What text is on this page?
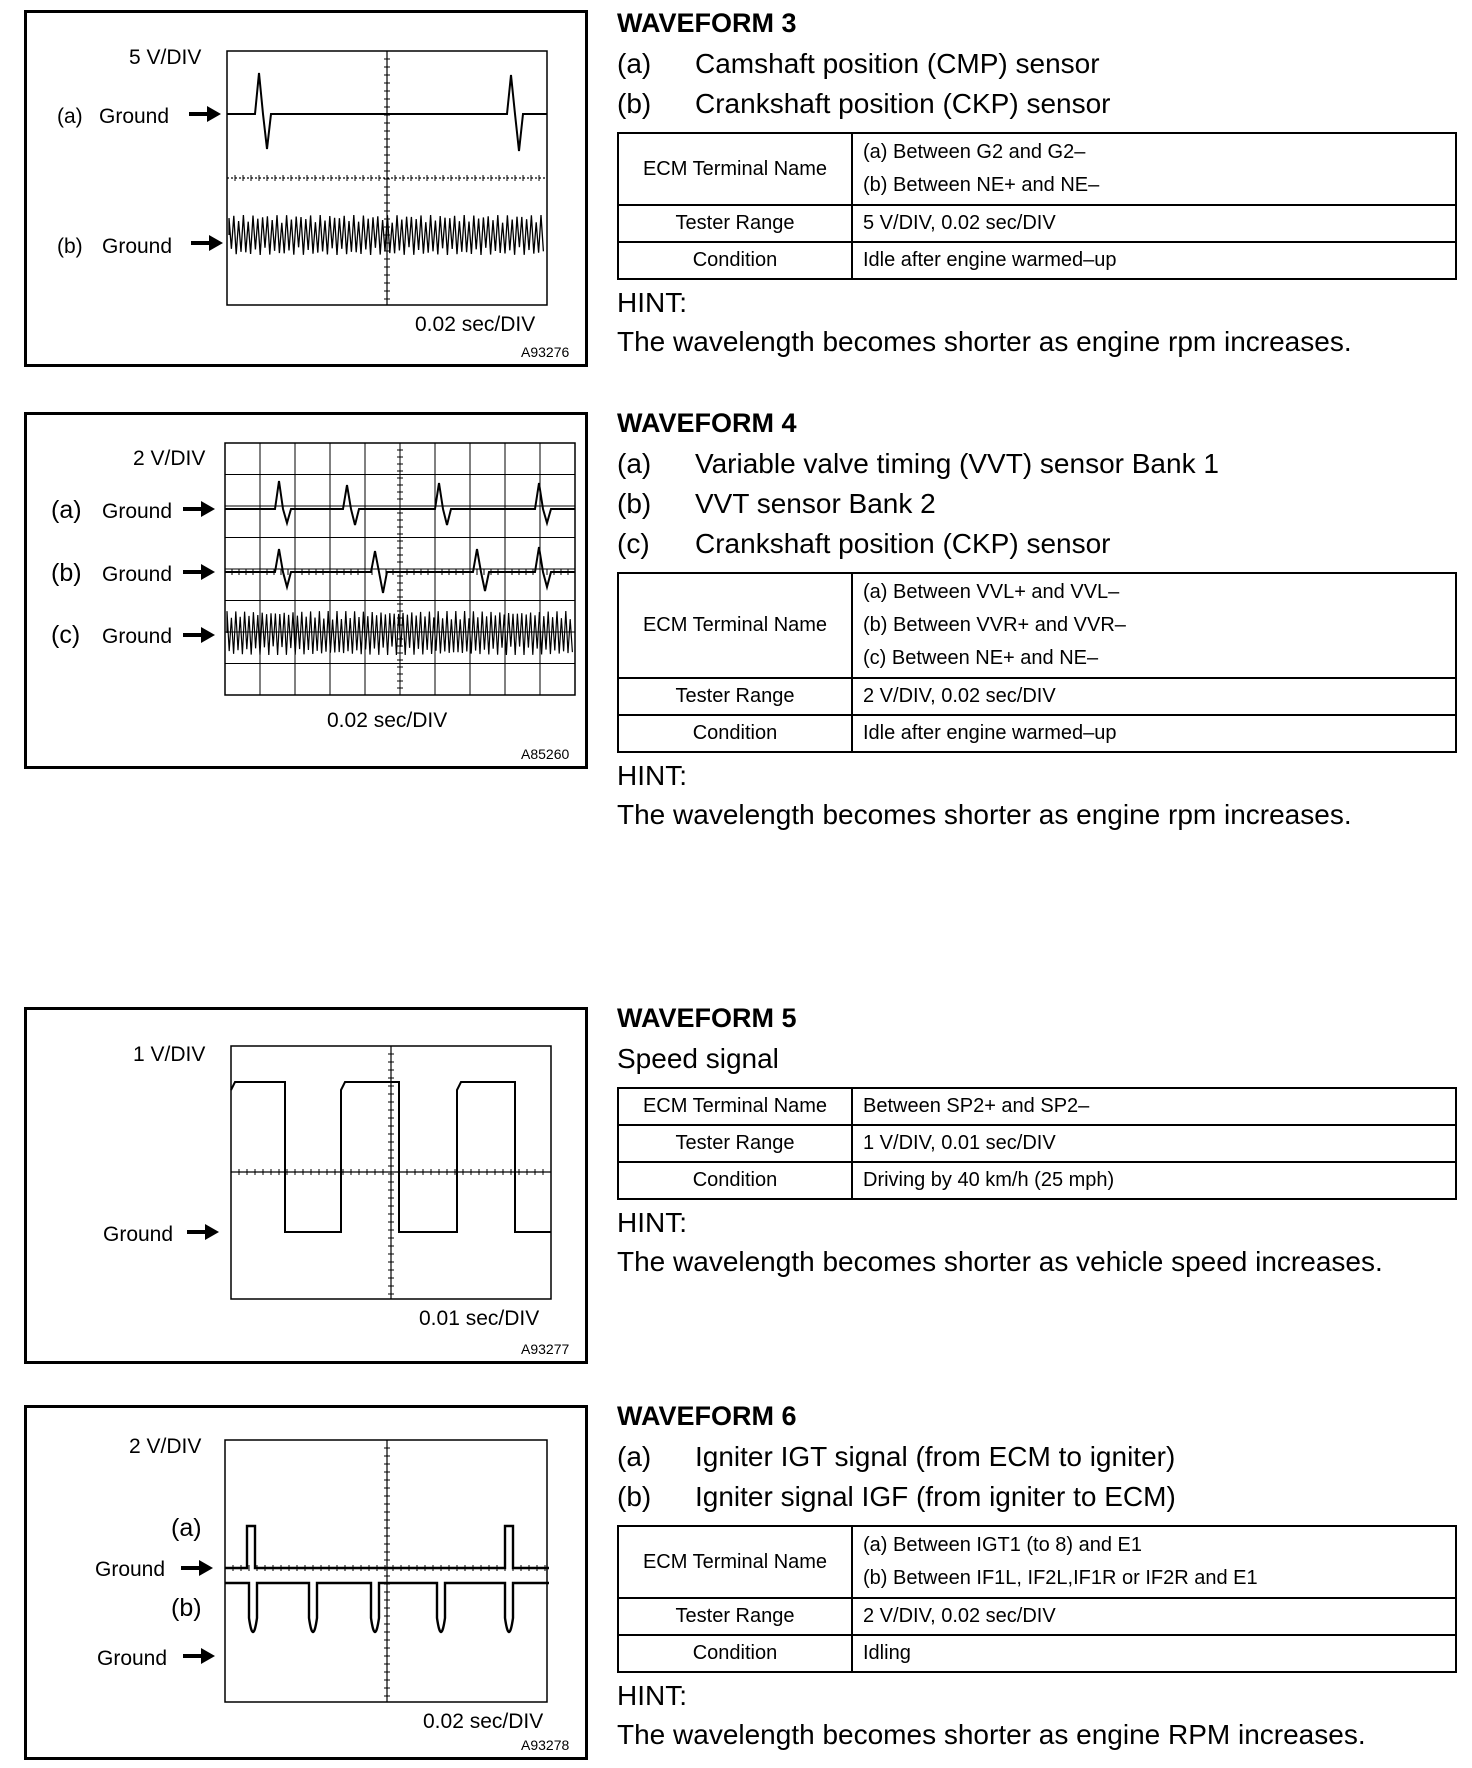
5 V/DIV
(a) Ground
(b) Ground
0.02 sec/DIV
A93276
WAVEFORM 3
(a) Camshaft position (CMP) sensor
(b) Crankshaft position (CKP) sensor
ECM Terminal Name	(a) Between G2 and G2–
(b) Between NE+ and NE–

Tester Range	5 V/DIV, 0.02 sec/DIV
Condition	Idle after engine warmed–up
HINT:
The wavelength becomes shorter as engine rpm increases.
2 V/DIV
(a) Ground
(b) Ground
(c) Ground
0.02 sec/DIV
A85260
WAVEFORM 4
(a) Variable valve timing (VVT) sensor Bank 1
(b) VVT sensor Bank 2
(c) Crankshaft position (CKP) sensor
ECM Terminal Name	(a) Between VVL+ and VVL–
(b) Between VVR+ and VVR–
(c) Between NE+ and NE–

Tester Range	2 V/DIV, 0.02 sec/DIV
Condition	Idle after engine warmed–up
HINT:
The wavelength becomes shorter as engine rpm increases.
1 V/DIV
Ground
0.01 sec/DIV
A93277
WAVEFORM 5
Speed signal
ECM Terminal Name	Between SP2+ and SP2–
Tester Range	1 V/DIV, 0.01 sec/DIV
Condition	Driving by 40 km/h (25 mph)
HINT:
The wavelength becomes shorter as vehicle speed increases.
2 V/DIV
(a)
Ground
(b)
Ground
0.02 sec/DIV
A93278
WAVEFORM 6
(a) Igniter IGT signal (from ECM to igniter)
(b) Igniter signal IGF (from igniter to ECM)
ECM Terminal Name	(a) Between IGT1 (to 8) and E1
(b) Between IF1L, IF2L,IF1R or IF2R and E1

Tester Range	2 V/DIV, 0.02 sec/DIV
Condition	Idling
HINT:
The wavelength becomes shorter as engine RPM increases.
